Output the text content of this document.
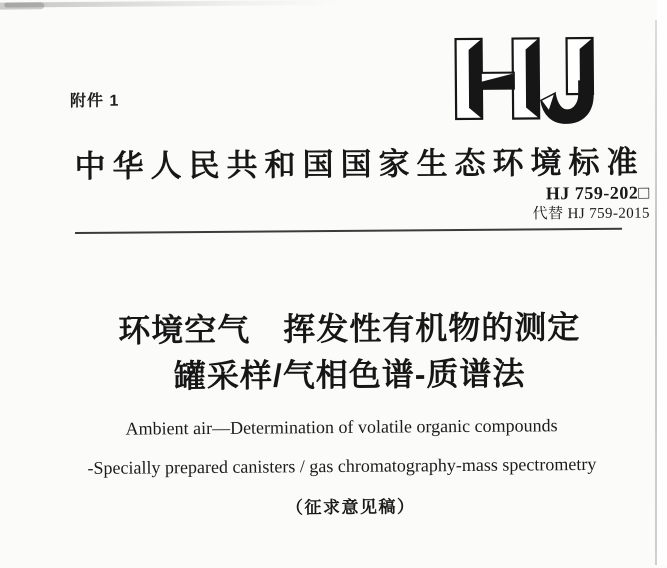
附件 1
中华人民共和国国家生态环境标准
HJ 759-202□
代替 HJ 759-2015
环境空气　挥发性有机物的测定
罐采样/气相色谱-质谱法
Ambient air—Determination of volatile organic compounds
-Specially prepared canisters / gas chromatography-mass spectrometry
（征求意见稿）
